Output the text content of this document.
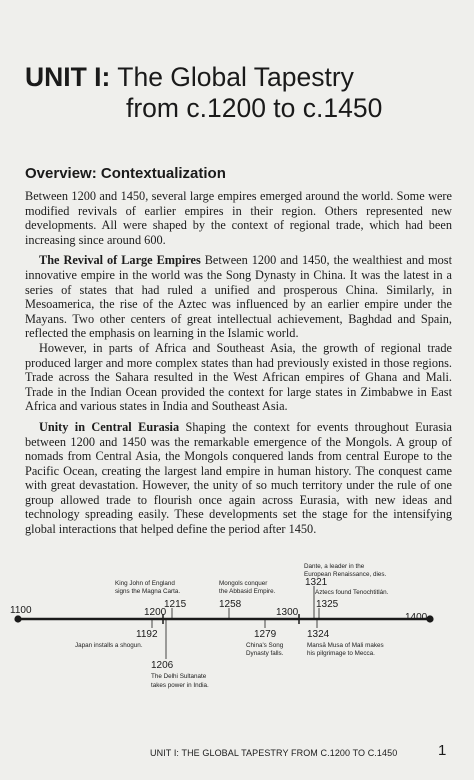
UNIT I: The Global Tapestry
from c.1200 to c.1450
Overview: Contextualization

Between 1200 and 1450, several large empires emerged around the world. Some were modified revivals of earlier empires in their region. Others represented new developments. All were shaped by the context of regional trade, which had been increasing since around 600.

The Revival of Large Empires Between 1200 and 1450, the wealthiest and most innovative empire in the world was the Song Dynasty in China. It was the latest in a series of states that had ruled a unified and prosperous China. Similarly, in Mesoamerica, the rise of the Aztec was influenced by an earlier empire under the Mayans. Two other centers of great intellectual achievement, Baghdad and Spain, reflected the emphasis on learning in the Islamic world.

However, in parts of Africa and Southeast Asia, the growth of regional trade produced larger and more complex states than had previously existed in those regions. Trade across the Sahara resulted in the West African empires of Ghana and Mali. Trade in the Indian Ocean provided the context for large states in Zimbabwe in East Africa and various states in India and Southeast Asia.

Unity in Central Eurasia Shaping the context for events throughout Eurasia between 1200 and 1450 was the remarkable emergence of the Mongols. A group of nomads from Central Asia, the Mongols conquered lands from central Europe to the Pacific Ocean, creating the largest land empire in human history. The conquest came with great devastation. However, the unity of so much territory under the rule of one group allowed trade to flourish once again across Eurasia, with new ideas and technology spreading easily. These developments set the stage for the intensifying global interactions that helped define the period after 1450.

1100
1400
1200	1300
1192
Japan installs a shogun.
1206
The Delhi Sultanate
takes power in India.
1215
King John of England
signs the Magna Carta.
1258
Mongols conquer
the Abbasid Empire.
1279
China's Song
Dynasty falls.
1321
Dante, a leader in the
European Renaissance, dies.
1324
Mansā Musa of Mali makes
his pilgrimage to Mecca.
1325
Aztecs found Tenochtitlán.
UNIT I: THE GLOBAL TAPESTRY FROM C.1200 TO C.1450	1
